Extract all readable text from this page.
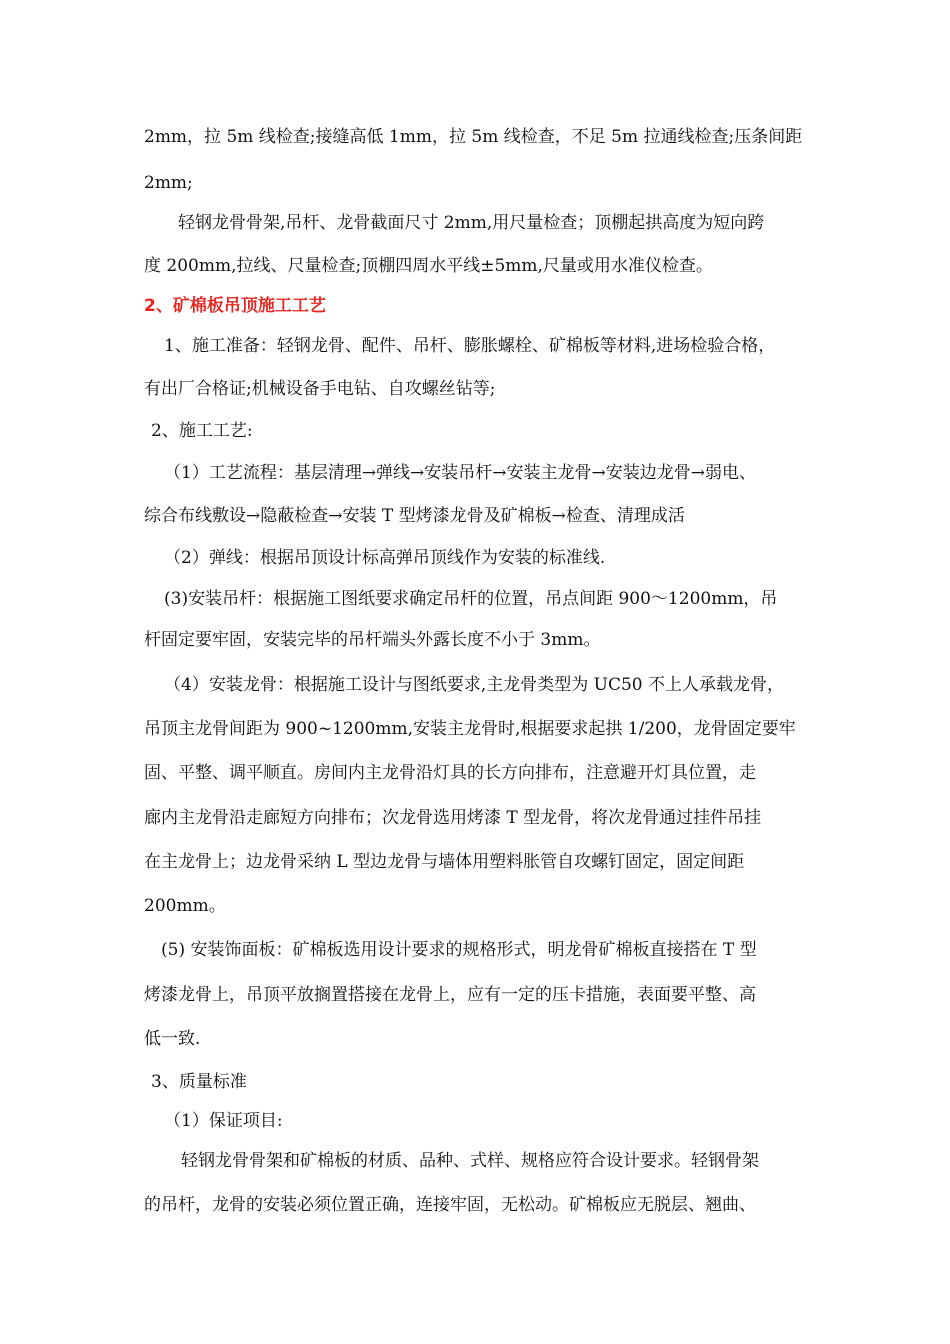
2mm，拉 5m 线检查;接缝高低 1mm，拉 5m 线检查，不足 5m 拉通线检查;压条间距
2mm;
轻钢龙骨骨架,吊杆、龙骨截面尺寸 2mm,用尺量检查；顶棚起拱高度为短向跨
度 200mm,拉线、尺量检查;顶棚四周水平线±5mm,尺量或用水准仪检查。
2、矿棉板吊顶施工工艺
1、施工准备：轻钢龙骨、配件、吊杆、膨胀螺栓、矿棉板等材料,进场检验合格，
有出厂合格证;机械设备手电钻、自攻螺丝钻等;
2、施工工艺:
（1）工艺流程：基层清理→弹线→安装吊杆→安装主龙骨→安装边龙骨→弱电、
综合布线敷设→隐蔽检查→安装 T 型烤漆龙骨及矿棉板→检查、清理成活
（2）弹线：根据吊顶设计标高弹吊顶线作为安装的标准线.
(3)安装吊杆：根据施工图纸要求确定吊杆的位置，吊点间距 900～1200mm，吊
杆固定要牢固，安装完毕的吊杆端头外露长度不小于 3mm。
（4）安装龙骨：根据施工设计与图纸要求,主龙骨类型为 UC50 不上人承载龙骨，
吊顶主龙骨间距为 900~1200mm,安装主龙骨时,根据要求起拱 1/200，龙骨固定要牢
固、平整、调平顺直。房间内主龙骨沿灯具的长方向排布，注意避开灯具位置，走
廊内主龙骨沿走廊短方向排布；次龙骨选用烤漆 T 型龙骨，将次龙骨通过挂件吊挂
在主龙骨上；边龙骨采纳 L 型边龙骨与墙体用塑料胀管自攻螺钉固定，固定间距
200mm。
(5) 安装饰面板：矿棉板选用设计要求的规格形式，明龙骨矿棉板直接搭在 T 型
烤漆龙骨上，吊顶平放搁置搭接在龙骨上，应有一定的压卡措施，表面要平整、高
低一致.
3、质量标准
（1）保证项目:
轻钢龙骨骨架和矿棉板的材质、品种、式样、规格应符合设计要求。轻钢骨架
的吊杆，龙骨的安装必须位置正确，连接牢固，无松动。矿棉板应无脱层、翘曲、
